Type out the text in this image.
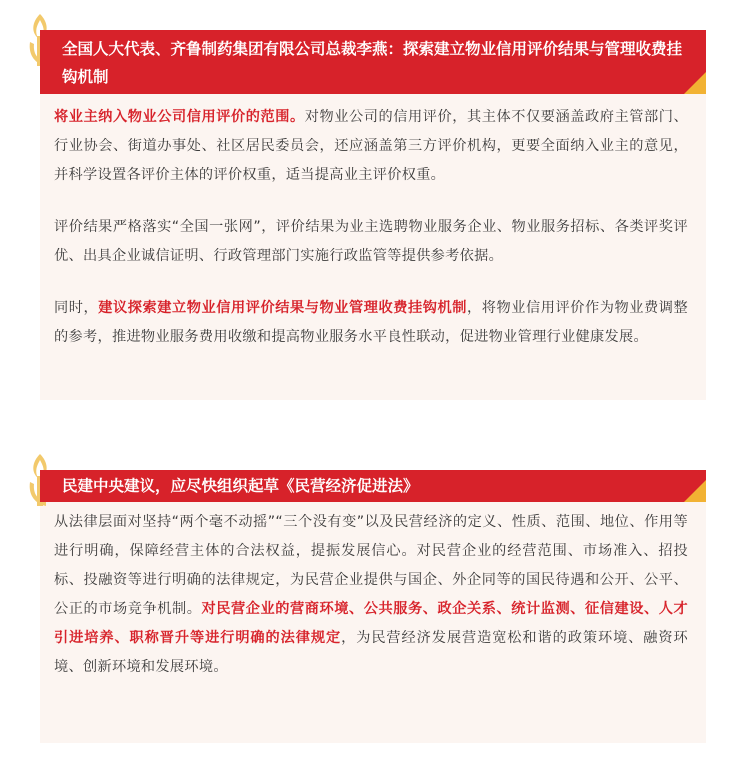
全国人大代表、齐鲁制药集团有限公司总裁李燕：探索建立物业信用评价结果与管理收费挂钩机制

将业主纳入物业公司信用评价的范围。对物业公司的信用评价，其主体不仅要涵盖政府主管部门、行业协会、街道办事处、社区居民委员会，还应涵盖第三方评价机构，更要全面纳入业主的意见，并科学设置各评价主体的评价权重，适当提高业主评价权重。

评价结果严格落实“全国一张网”，评价结果为业主选聘物业服务企业、物业服务招标、各类评奖评优、出具企业诚信证明、行政管理部门实施行政监管等提供参考依据。

同时，建议探索建立物业信用评价结果与物业管理收费挂钩机制，将物业信用评价作为物业费调整的参考，推进物业服务费用收缴和提高物业服务水平良性联动，促进物业管理行业健康发展。

民建中央建议，应尽快组织起草《民营经济促进法》

从法律层面对坚持“两个毫不动摇”“三个没有变”以及民营经济的定义、性质、范围、地位、作用等进行明确，保障经营主体的合法权益，提振发展信心。对民营企业的经营范围、市场准入、招投标、投融资等进行明确的法律规定，为民营企业提供与国企、外企同等的国民待遇和公开、公平、公正的市场竞争机制。对民营企业的营商环境、公共服务、政企关系、统计监测、征信建设、人才引进培养、职称晋升等进行明确的法律规定，为民营经济发展营造宽松和谐的政策环境、融资环境、创新环境和发展环境。
